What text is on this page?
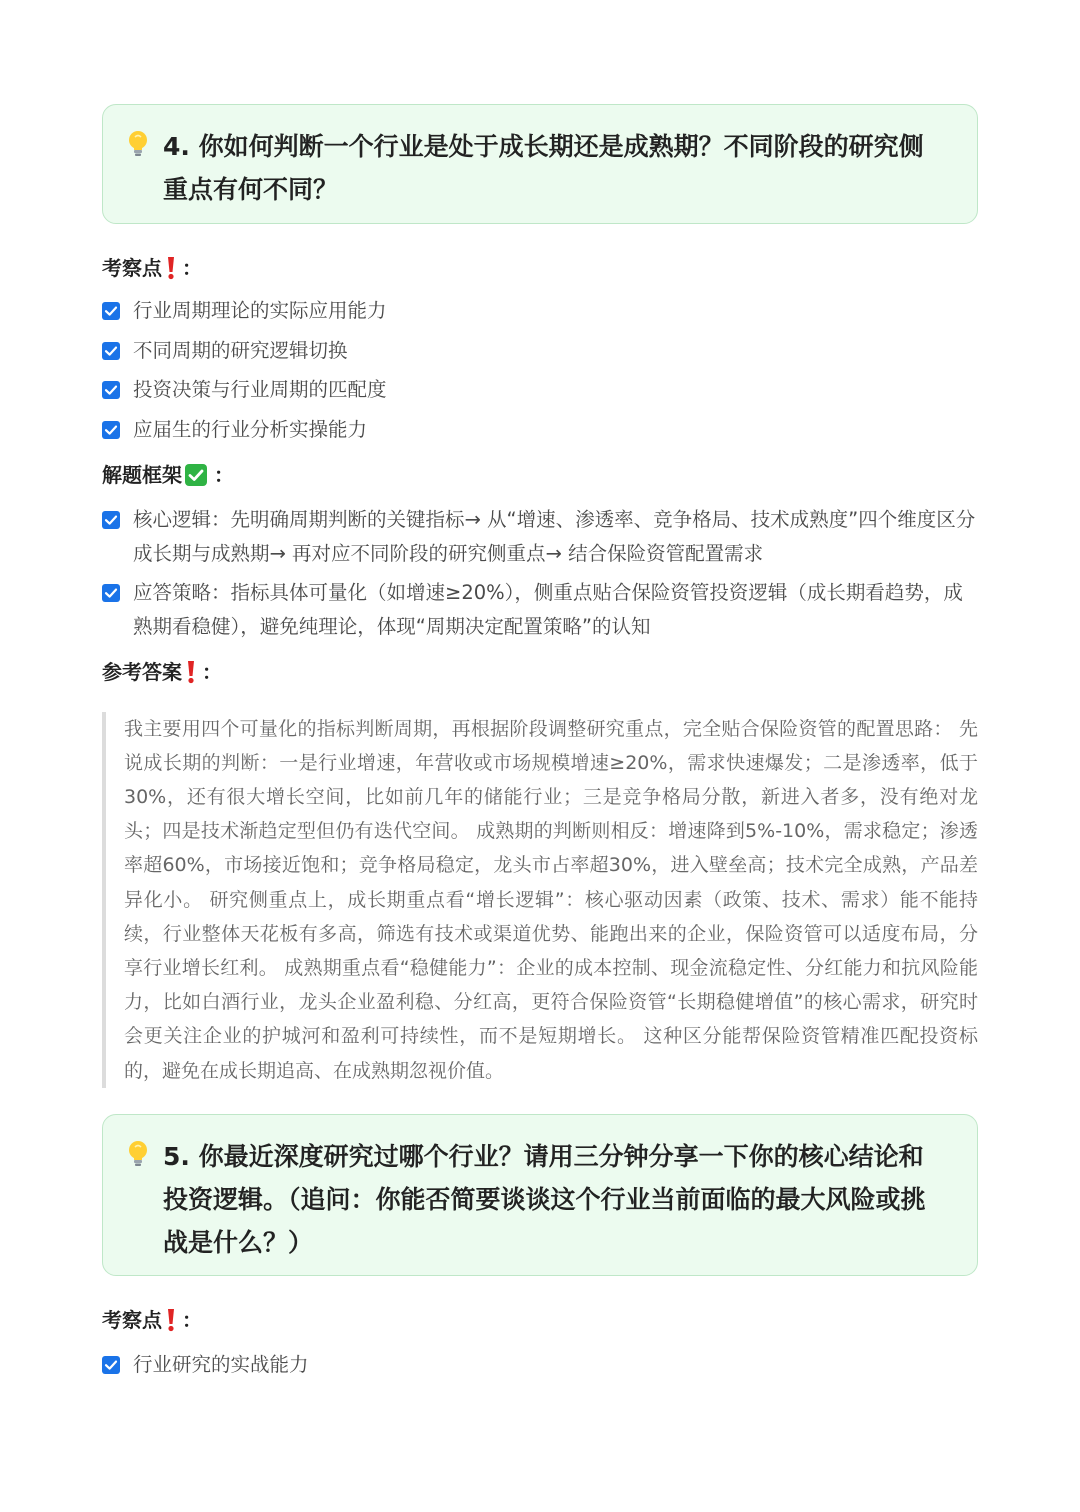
4. 你如何判断一个行业是处于成长期还是成熟期？不同阶段的研究侧重点有何不同？
考察点 ：
行业周期理论的实际应用能力
不同周期的研究逻辑切换
投资决策与行业周期的匹配度
应届生的行业分析实操能力
解题框架 ：
核心逻辑：先明确周期判断的关键指标→ 从“增速、渗透率、竞争格局、技术成熟度”四个维度区分成长期与成熟期→ 再对应不同阶段的研究侧重点→ 结合保险资管配置需求
应答策略：指标具体可量化（如增速≥20%），侧重点贴合保险资管投资逻辑（成长期看趋势，成熟期看稳健），避免纯理论，体现“周期决定配置策略”的认知
参考答案 ：
我主要用四个可量化的指标判断周期，再根据阶段调整研究重点，完全贴合保险资管的配置思路： 先说成长期的判断：一是行业增速，年营收或市场规模增速≥20%，需求快速爆发；二是渗透率，低于30%，还有很大增长空间，比如前几年的储能行业；三是竞争格局分散，新进入者多，没有绝对龙头；四是技术渐趋定型但仍有迭代空间。 成熟期的判断则相反：增速降到5%-10%，需求稳定；渗透率超60%，市场接近饱和；竞争格局稳定，龙头市占率超30%，进入壁垒高；技术完全成熟，产品差异化小。 研究侧重点上，成长期重点看“增长逻辑”：核心驱动因素（政策、技术、需求）能不能持续，行业整体天花板有多高，筛选有技术或渠道优势、能跑出来的企业，保险资管可以适度布局，分享行业增长红利。 成熟期重点看“稳健能力”：企业的成本控制、现金流稳定性、分红能力和抗风险能力，比如白酒行业，龙头企业盈利稳、分红高，更符合保险资管“长期稳健增值”的核心需求，研究时会更关注企业的护城河和盈利可持续性，而不是短期增长。 这种区分能帮保险资管精准匹配投资标的，避免在成长期追高、在成熟期忽视价值。
5. 你最近深度研究过哪个行业？请用三分钟分享一下你的核心结论和投资逻辑。（追问：你能否简要谈谈这个行业当前面临的最大风险或挑战是什么？）
考察点 ：
行业研究的实战能力
